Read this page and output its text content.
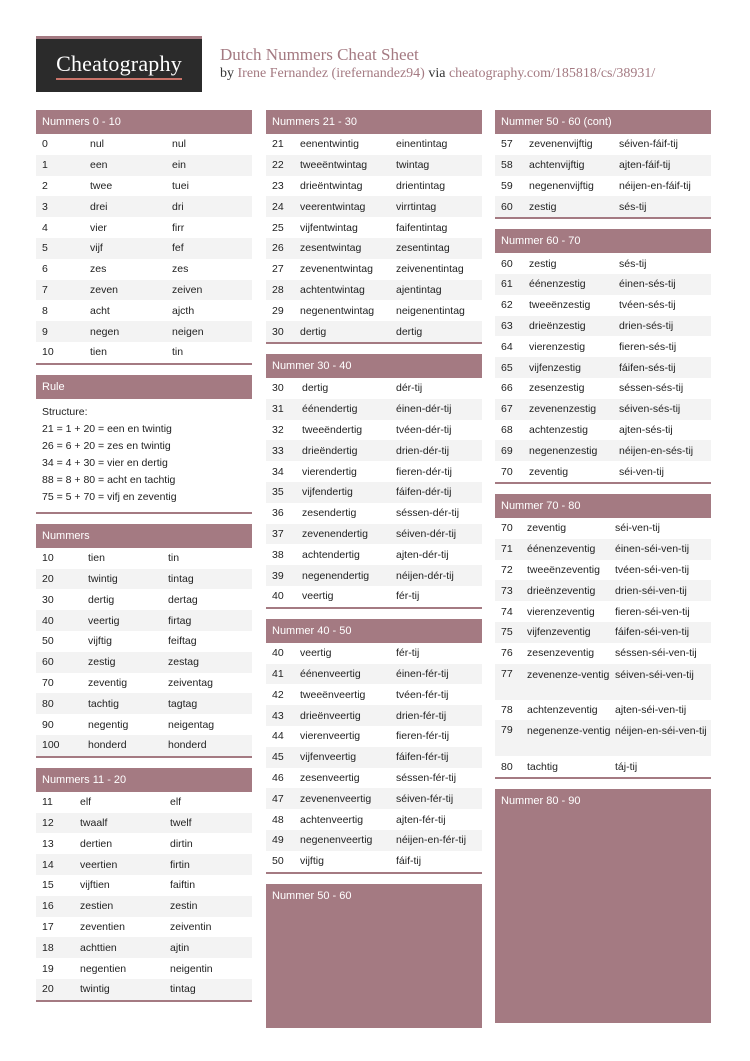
Cheatography Dutch Nummers Cheat Sheet
by Irene Fernandez (irefernandez94) via cheatography.com/185818/cs/38931/
Nummers 0 - 10
0	nul	nul
1	een	ein
2	twee	tuei
3	drei	dri
4	vier	firr
5	vijf	fef
6	zes	zes
7	zeven	zeiven
8	acht	ajcth
9	negen	neigen
10	tien	tin
Rule
Structure:
21 = 1 + 20 = een en twintig
26 = 6 + 20 = zes en twintig
34 = 4 + 30 = vier en dertig
88 = 8 + 80 = acht en tachtig
75 = 5 + 70 = vifj en zeventig
Nummers
10	tien	tin
20	twintig	tintag
30	dertig	dertag
40	veertig	firtag
50	vijftig	feiftag
60	zestig	zestag
70	zeventig	zeiventag
80	tachtig	tagtag
90	negentig	neigentag
100	honderd	honderd
Nummers 11 - 20
11	elf	elf
12	twaalf	twelf
13	dertien	dirtin
14	veertien	firtin
15	vijftien	faiftin
16	zestien	zestin
17	zeventien	zeiventin
18	achttien	ajtin
19	negentien	neigentin
20	twintig	tintag
Nummers 21 - 30
21	eenentwintig	einentintag
22	tweeëntwintag	twintag
23	drieëntwintag	drientintag
24	veerentwintag	virrtintag
25	vijfentwintag	faifentintag
26	zesentwintag	zesentintag
27	zevenentwintag	zeivenentintag
28	achtentwintag	ajentintag
29	negenentwintag	neigenentintag
30	dertig	dertig
Nummer 30 - 40
30	dertig	dér-tij
31	éénendertig	éinen-dér-tij
32	tweeëndertig	tvéen-dér-tij
33	drieëndertig	drien-dér-tij
34	vierendertig	fieren-dér-tij
35	vijfendertig	fáifen-dér-tij
36	zesendertig	séssen-dér-tij
37	zevenendertig	séiven-dér-tij
38	achtendertig	ajten-dér-tij
39	negenendertig	néijen-dér-tij
40	veertig	fér-tij
Nummer 40 - 50
40	veertig	fér-tij
41	éénenveertig	éinen-fér-tij
42	tweeënveertig	tvéen-fér-tij
43	drieënveertig	drien-fér-tij
44	vierenveertig	fieren-fér-tij
45	vijfenveertig	fáifen-fér-tij
46	zesenveertig	séssen-fér-tij
47	zevenenveertig	séiven-fér-tij
48	achtenveertig	ajten-fér-tij
49	negenenveertig	néijen-en-fér-tij
50	vijftig	fáif-tij
Nummer 50 - 60
Nummer 50 - 60 (cont)
57	zevenenvijftig	séiven-fáif-tij
58	achtenvijftig	ajten-fáif-tij
59	negenenvijftig	néijen-en-fáif-tij
60	zestig	sés-tij
Nummer 60 - 70
60	zestig	sés-tij
61	éénenzestig	éinen-sés-tij
62	tweeënzestig	tvéen-sés-tij
63	drieënzestig	drien-sés-tij
64	vierenzestig	fieren-sés-tij
65	vijfenzestig	fáifen-sés-tij
66	zesenzestig	séssen-sés-tij
67	zevenenzestig	séiven-sés-tij
68	achtenzestig	ajten-sés-tij
69	negenenzestig	néijen-en-sés-tij
70	zeventig	séi-ven-tij
Nummer 70 - 80
70	zeventig	séi-ven-tij
71	éénenzeventig	éinen-séi-ven-tij
72	tweeënzeventig	tvéen-séi-ven-tij
73	drieënzeventig	drien-séi-ven-tij
74	vierenzeventig	fieren-séi-ven-tij
75	vijfenzeventig	fáifen-séi-ven-tij
76	zesenzeventig	séssen-séi-ven-tij
77	zevenenze-ventig séiven-séi-ven-tij
78	achtenzeventig	ajten-séi-ven-tij
79	negenenze-ventig néijen-en-séi-ven-tij
80	tachtig	táj-tij
Nummer 80 - 90
